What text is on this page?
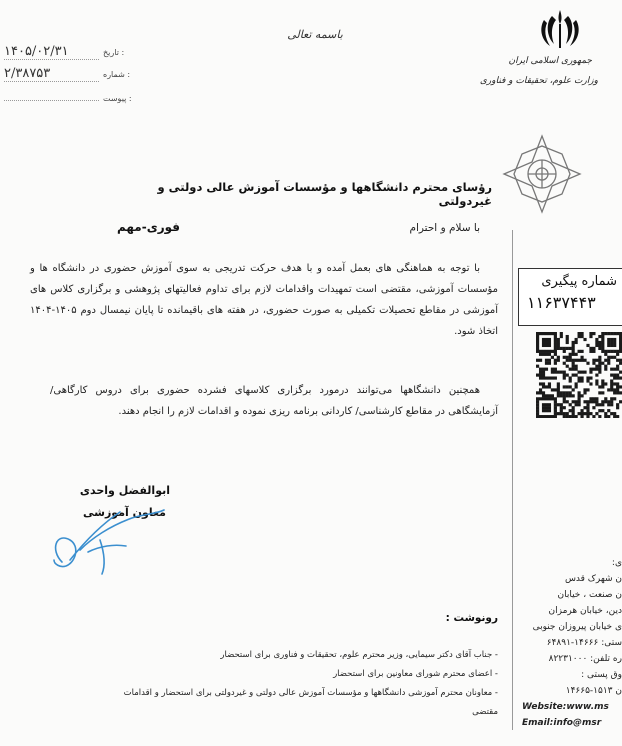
۱۴۰۵/۰۲/۳۱	تاریخ :
۲/۳۸۷۵۳	شماره :
پیوست :
باسمه تعالی
جمهوری اسلامی ایران
وزارت علوم، تحقیقات و فناوری
شماره پیگیری
۱۱۶۳۷۴۴۳
ی:
ن شهرک قدس
ن صنعت ، خیابان
دین، خیابان هرمزان
ی خیابان پیروزان جنوبی
ستی: ۱۴۶۶۶-۶۴۸۹۱
ره تلفن: ۸۲۲۳۱۰۰۰
وق پستی :
ن ۱۵۱۳-۱۴۶۶۵
Website:www.ms
Email:info@msr
رؤسای محترم دانشگاهها و مؤسسات آموزش عالی دولتی و غیردولتی
با سلام و احترام
فوری-مهم
با توجه به هماهنگی های بعمل آمده و با هدف حرکت تدریجی به سوی آموزش حضوری در دانشگاه ها و مؤسسات آموزشی، مقتضی است تمهیدات واقدامات لازم برای تداوم فعالیتهای پژوهشی و برگزاری کلاس های آموزشی در مقاطع تحصیلات تکمیلی به صورت حضوری، در هفته های باقیمانده تا پایان نیمسال دوم ۱۴۰۵-۱۴۰۴ اتخاذ شود.
همچنین دانشگاهها می‌توانند درمورد برگزاری کلاسهای فشرده حضوری برای دروس کارگاهی/ آزمایشگاهی در مقاطع کارشناسی/ کاردانی برنامه ریزی نموده و اقدامات لازم را انجام دهند.
ابوالفضل واحدی
معاون آموزشی
رونوشت :
- جناب آقای دکتر سیمایی، وزیر محترم علوم، تحقیقات و فناوری برای استحضار
- اعضای محترم شورای معاونین برای استحضار
- معاونان محترم آموزشی دانشگاهها و مؤسسات آموزش عالی دولتی و غیردولتی برای استحضار و اقدامات مقتضی
